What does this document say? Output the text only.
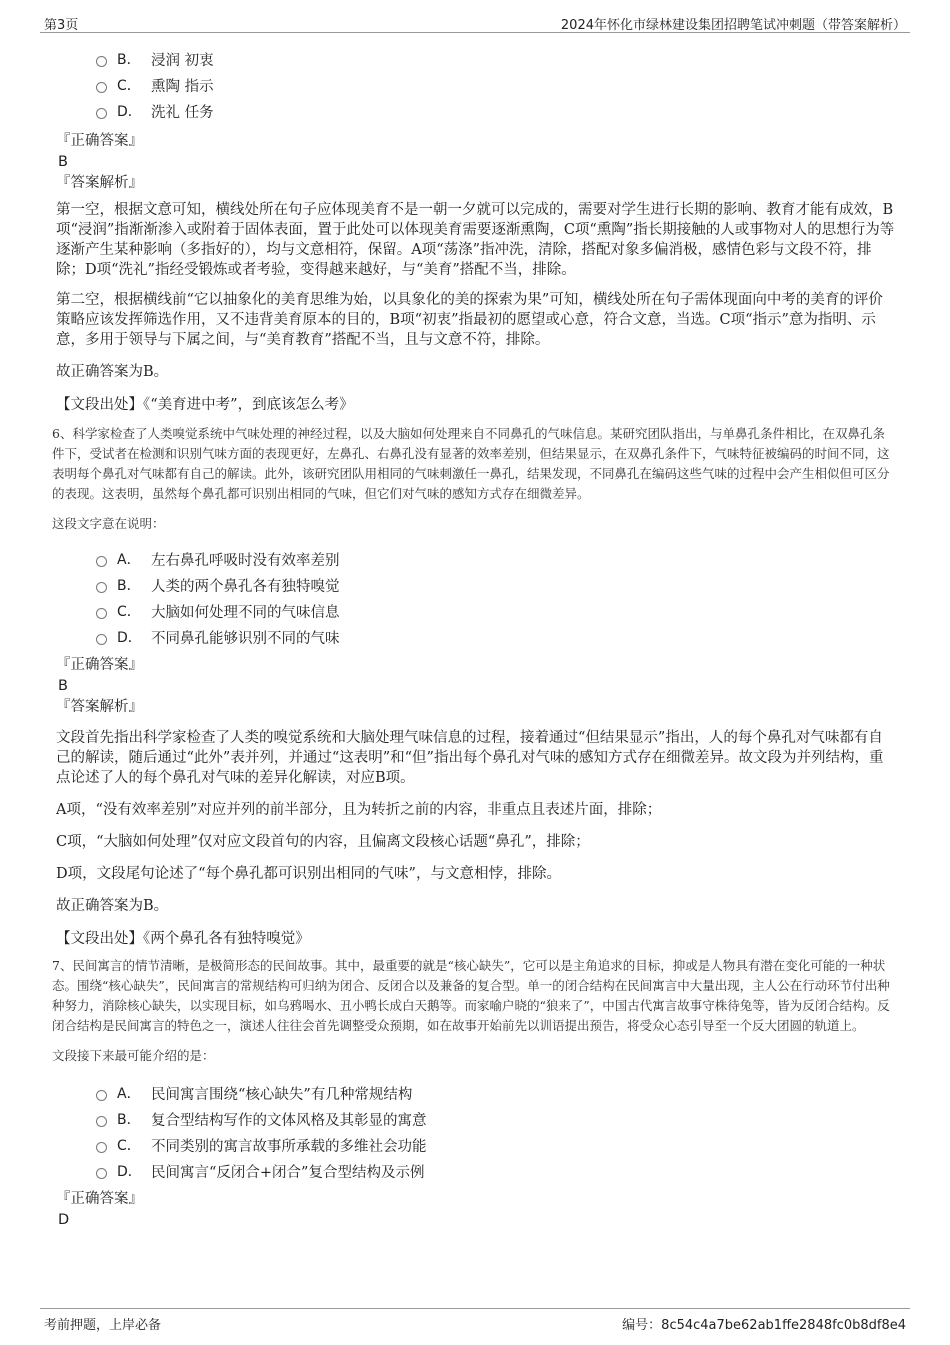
第3页	2024年怀化市绿林建设集团招聘笔试冲刺题（带答案解析）
B． 浸润 初衷
C． 熏陶 指示
D． 洗礼 任务
『正确答案』
B
『答案解析』

第一空，根据文意可知，横线处所在句子应体现美育不是一朝一夕就可以完成的，需要对学生进行长期的影响、教育才能有成效，B项“浸润”指渐渐渗入或附着于固体表面，置于此处可以体现美育需要逐渐熏陶，C项“熏陶”指长期接触的人或事物对人的思想行为等逐渐产生某种影响（多指好的），均与文意相符，保留。A项“荡涤”指冲洗，清除，搭配对象多偏消极，感情色彩与文段不符，排除；D项“洗礼”指经受锻炼或者考验，变得越来越好，与“美育”搭配不当，排除。

第二空，根据横线前“它以抽象化的美育思维为始，以具象化的美的探索为果”可知，横线处所在句子需体现面向中考的美育的评价策略应该发挥筛选作用，又不违背美育原本的目的，B项“初衷”指最初的愿望或心意，符合文意，当选。C项“指示”意为指明、示意，多用于领导与下属之间，与“美育教育”搭配不当，且与文意不符，排除。

故正确答案为B。

【文段出处】《“美育进中考”，到底该怎么考》

6、科学家检查了人类嗅觉系统中气味处理的神经过程，以及大脑如何处理来自不同鼻孔的气味信息。某研究团队指出，与单鼻孔条件相比，在双鼻孔条件下，受试者在检测和识别气味方面的表现更好，左鼻孔、右鼻孔没有显著的效率差别，但结果显示，在双鼻孔条件下，气味特征被编码的时间不同，这表明每个鼻孔对气味都有自己的解读。此外，该研究团队用相同的气味刺激任一鼻孔，结果发现，不同鼻孔在编码这些气味的过程中会产生相似但可区分的表现。这表明，虽然每个鼻孔都可识别出相同的气味，但它们对气味的感知方式存在细微差异。

这段文字意在说明：

A． 左右鼻孔呼吸时没有效率差别
B． 人类的两个鼻孔各有独特嗅觉
C． 大脑如何处理不同的气味信息
D． 不同鼻孔能够识别不同的气味
『正确答案』
B
『答案解析』

文段首先指出科学家检查了人类的嗅觉系统和大脑处理气味信息的过程，接着通过“但结果显示”指出，人的每个鼻孔对气味都有自己的解读，随后通过“此外”表并列，并通过“这表明”和“但”指出每个鼻孔对气味的感知方式存在细微差异。故文段为并列结构，重点论述了人的每个鼻孔对气味的差异化解读，对应B项。

A项，“没有效率差别”对应并列的前半部分，且为转折之前的内容，非重点且表述片面，排除；

C项，“大脑如何处理”仅对应文段首句的内容，且偏离文段核心话题“鼻孔”，排除；

D项，文段尾句论述了“每个鼻孔都可识别出相同的气味”，与文意相悖，排除。

故正确答案为B。

【文段出处】《两个鼻孔各有独特嗅觉》

7、民间寓言的情节清晰，是极简形态的民间故事。其中，最重要的就是“核心缺失”，它可以是主角追求的目标，抑或是人物具有潜在变化可能的一种状态。围绕“核心缺失”，民间寓言的常规结构可归纳为闭合、反闭合以及兼备的复合型。单一的闭合结构在民间寓言中大量出现，主人公在行动环节付出种种努力，消除核心缺失，以实现目标，如乌鸦喝水、丑小鸭长成白天鹅等。而家喻户晓的“狼来了”，中国古代寓言故事守株待兔等，皆为反闭合结构。反闭合结构是民间寓言的特色之一，演述人往往会首先调整受众预期，如在故事开始前先以训语提出预告，将受众心态引导至一个反大团圆的轨道上。

文段接下来最可能介绍的是：

A． 民间寓言围绕“核心缺失”有几种常规结构
B． 复合型结构写作的文体风格及其彰显的寓意
C． 不同类别的寓言故事所承载的多维社会功能
D． 民间寓言“反闭合+闭合”复合型结构及示例
『正确答案』
D
考前押题，上岸必备	编号：8c54c4a7be62ab1ffe2848fc0b8df8e4
